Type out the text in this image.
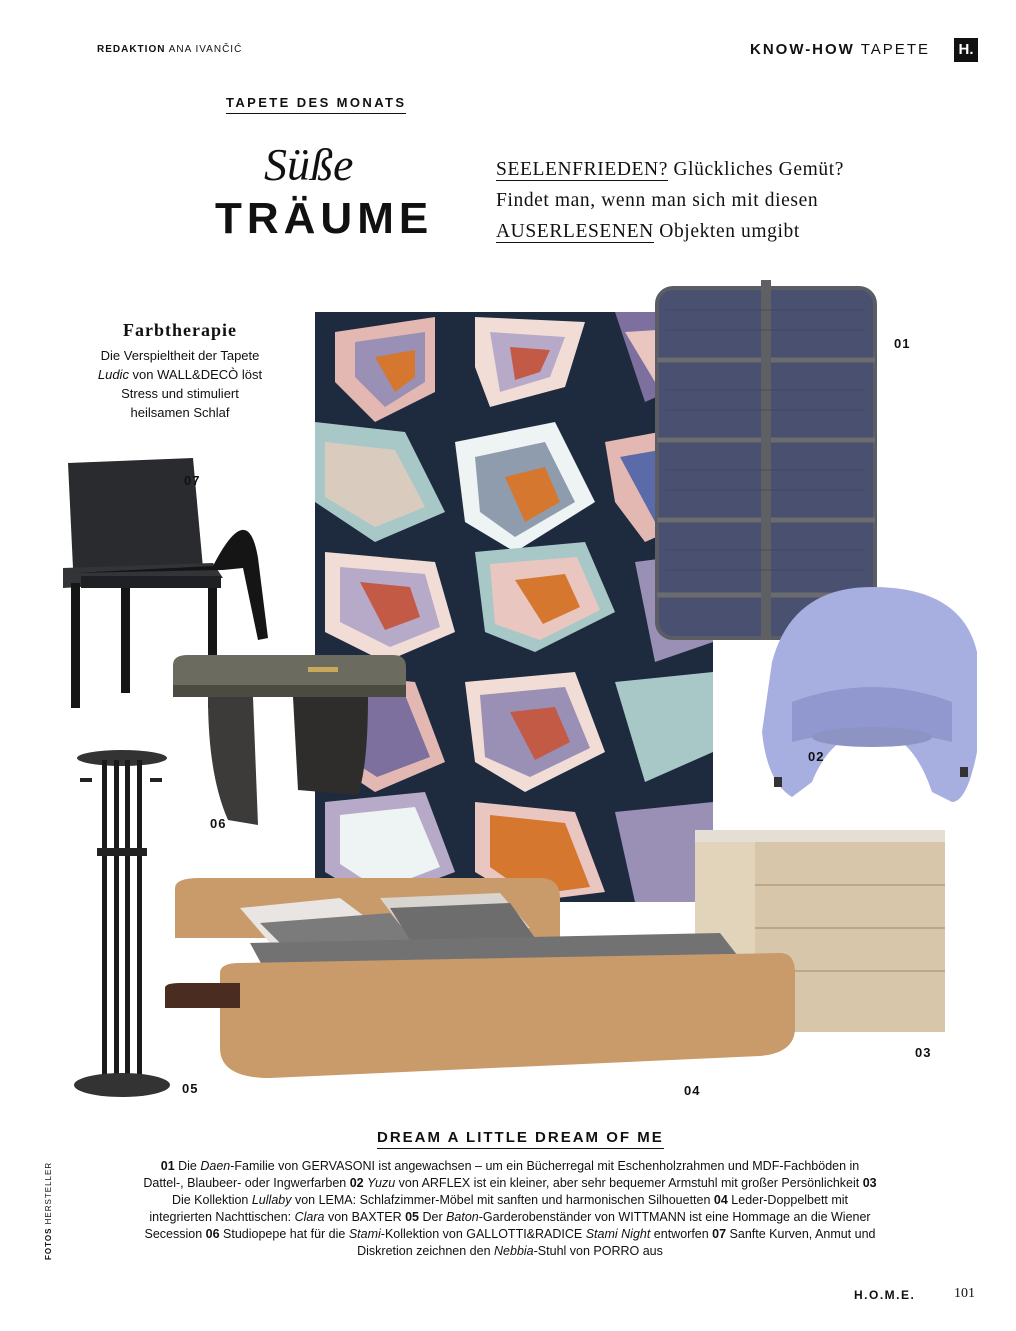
REDAKTION ANA IVANČIĆ	KNOW-HOW TAPETE	H.
TAPETE DES MONATS
Süße
TRÄUME
SEELENFRIEDEN? Glückliches Gemüt?
Findet man, wenn man sich mit diesen
AUSERLESENEN Objekten umgibt
Farbtherapie
Die Verspieltheit der Tapete
Ludic von WALL&DECÒ löst
Stress und stimuliert
heilsamen Schlaf
01
02
03
04
05
06
07
DREAM A LITTLE DREAM OF ME
01 Die Daen-Familie von GERVASONI ist angewachsen – um ein Bücherregal mit Eschenholzrahmen und MDF-Fachböden in Dattel-, Blaubeer- oder Ingwerfarben 02 Yuzu von ARFLEX ist ein kleiner, aber sehr bequemer Armstuhl mit großer Persönlichkeit 03 Die Kollektion Lullaby von LEMA: Schlafzimmer-Möbel mit sanften und harmonischen Silhouetten 04 Leder-Doppelbett mit integrierten Nachttischen: Clara von BAXTER 05 Der Baton-Garderobenständer von WITTMANN ist eine Hommage an die Wiener Secession 06 Studiopepe hat für die Stami-Kollektion von GALLOTTI&RADICE Stami Night entworfen 07 Sanfte Kurven, Anmut und Diskretion zeichnen den Nebbia-Stuhl von PORRO aus
FOTOS HERSTELLER
H.O.M.E.	101
